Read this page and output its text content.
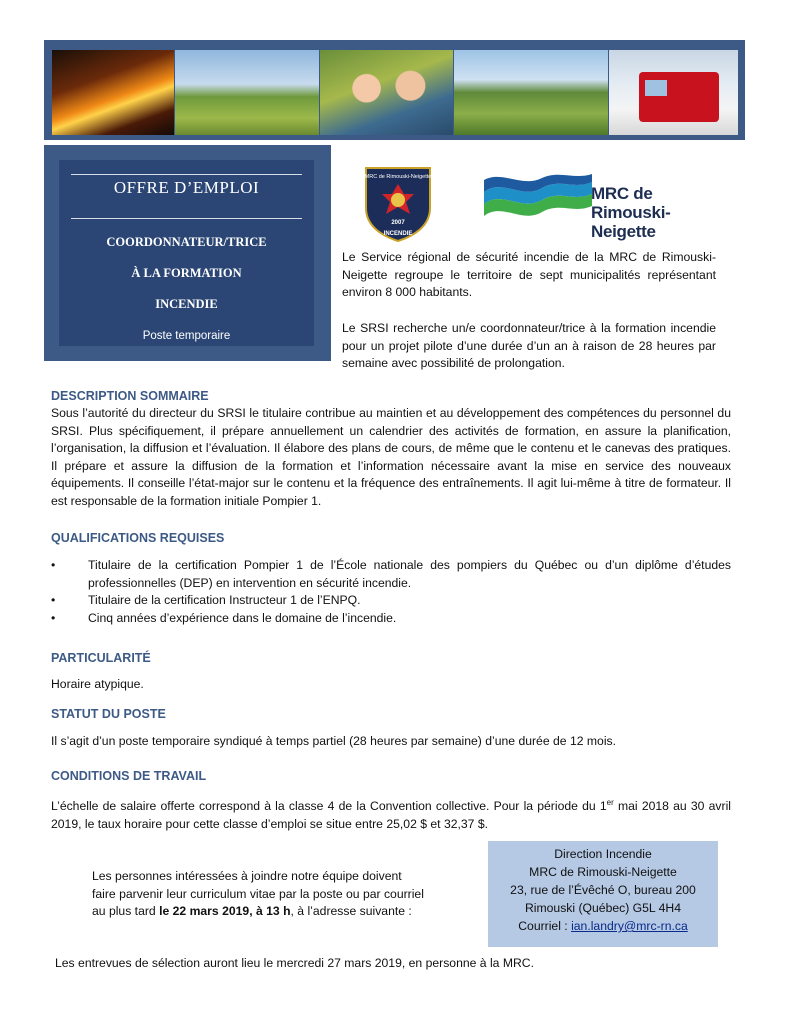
OFFRE D’EMPLOI
COORDONNATEUR/TRICE
À LA FORMATION
INCENDIE
Poste temporaire
MRC de Rimouski-Neigette
2007
INCENDIE
MRC de
Rimouski-Neigette

Le Service régional de sécurité incendie de la MRC de Rimouski-Neigette regroupe le territoire de sept municipalités représentant environ 8 000 habitants.

Le SRSI recherche un/e coordonnateur/trice à la formation incendie pour un projet pilote d’une durée d’un an à raison de 28 heures par semaine avec possibilité de prolongation.

DESCRIPTION SOMMAIRE

Sous l’autorité du directeur du SRSI le titulaire contribue au maintien et au développement des compétences du personnel du SRSI. Plus spécifiquement, il prépare annuellement un calendrier des activités de formation, en assure la planification, l’organisation, la diffusion et l’évaluation. Il élabore des plans de cours, de même que le contenu et le canevas des pratiques. Il prépare et assure la diffusion de la formation et l’information nécessaire avant la mise en service des nouveaux équipements. Il conseille l’état-major sur le contenu et la fréquence des entraînements. Il agit lui-même à titre de formateur. Il est responsable de la formation initiale Pompier 1.

QUALIFICATIONS REQUISES
•	Titulaire de la certification Pompier 1 de l’École nationale des pompiers du Québec ou d’un diplôme d’études professionnelles (DEP) en intervention en sécurité incendie.
•	Titulaire de la certification Instructeur 1 de l’ENPQ.
•	Cinq années d’expérience dans le domaine de l’incendie.
PARTICULARITÉ

Horaire atypique.

STATUT DU POSTE

Il s’agit d’un poste temporaire syndiqué à temps partiel (28 heures par semaine) d’une durée de 12 mois.

CONDITIONS DE TRAVAIL

L’échelle de salaire offerte correspond à la classe 4 de la Convention collective. Pour la période du 1er mai 2018 au 30 avril 2019, le taux horaire pour cette classe d’emploi se situe entre 25,02 $ et 32,37 $.

Les personnes intéressées à joindre notre équipe doivent
faire parvenir leur curriculum vitae par la poste ou par courriel
au plus tard le 22 mars 2019, à 13 h, à l’adresse suivante :
Direction Incendie
MRC de Rimouski-Neigette
23, rue de l’Évêché O, bureau 200
Rimouski (Québec) G5L 4H4
Courriel : ian.landry@mrc-rn.ca

Les entrevues de sélection auront lieu le mercredi 27 mars 2019, en personne à la MRC.
